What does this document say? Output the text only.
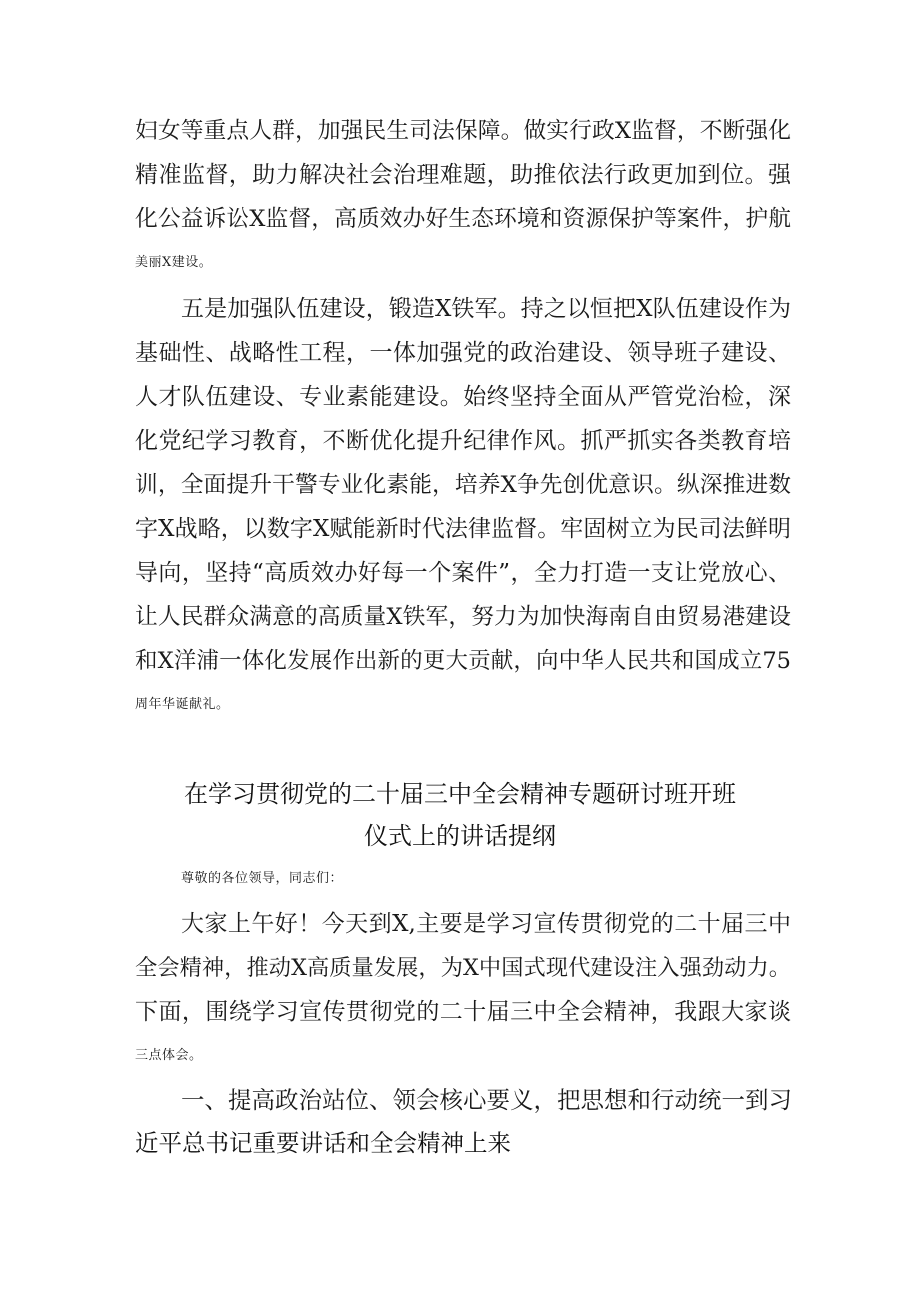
妇女等重点人群，加强民生司法保障。做实行政X监督，不断强化
精准监督，助力解决社会治理难题，助推依法行政更加到位。强
化公益诉讼X监督，高质效办好生态环境和资源保护等案件，护航
美丽X建设。
五是加强队伍建设，锻造X铁军。持之以恒把X队伍建设作为
基础性、战略性工程，一体加强党的政治建设、领导班子建设、
人才队伍建设、专业素能建设。始终坚持全面从严管党治检，深
化党纪学习教育，不断优化提升纪律作风。抓严抓实各类教育培
训，全面提升干警专业化素能，培养X争先创优意识。纵深推进数
字X战略，以数字X赋能新时代法律监督。牢固树立为民司法鲜明
导向，坚持“高质效办好每一个案件”，全力打造一支让党放心、
让人民群众满意的高质量X铁军，努力为加快海南自由贸易港建设
和X洋浦一体化发展作出新的更大贡献，向中华人民共和国成立75
周年华诞献礼。
在学习贯彻党的二十届三中全会精神专题研讨班开班
仪式上的讲话提纲
尊敬的各位领导，同志们：
大家上午好！今天到X,主要是学习宣传贯彻党的二十届三中
全会精神，推动X高质量发展，为X中国式现代建设注入强劲动力。
下面，围绕学习宣传贯彻党的二十届三中全会精神，我跟大家谈
三点体会。
一、提高政治站位、领会核心要义，把思想和行动统一到习
近平总书记重要讲话和全会精神上来
